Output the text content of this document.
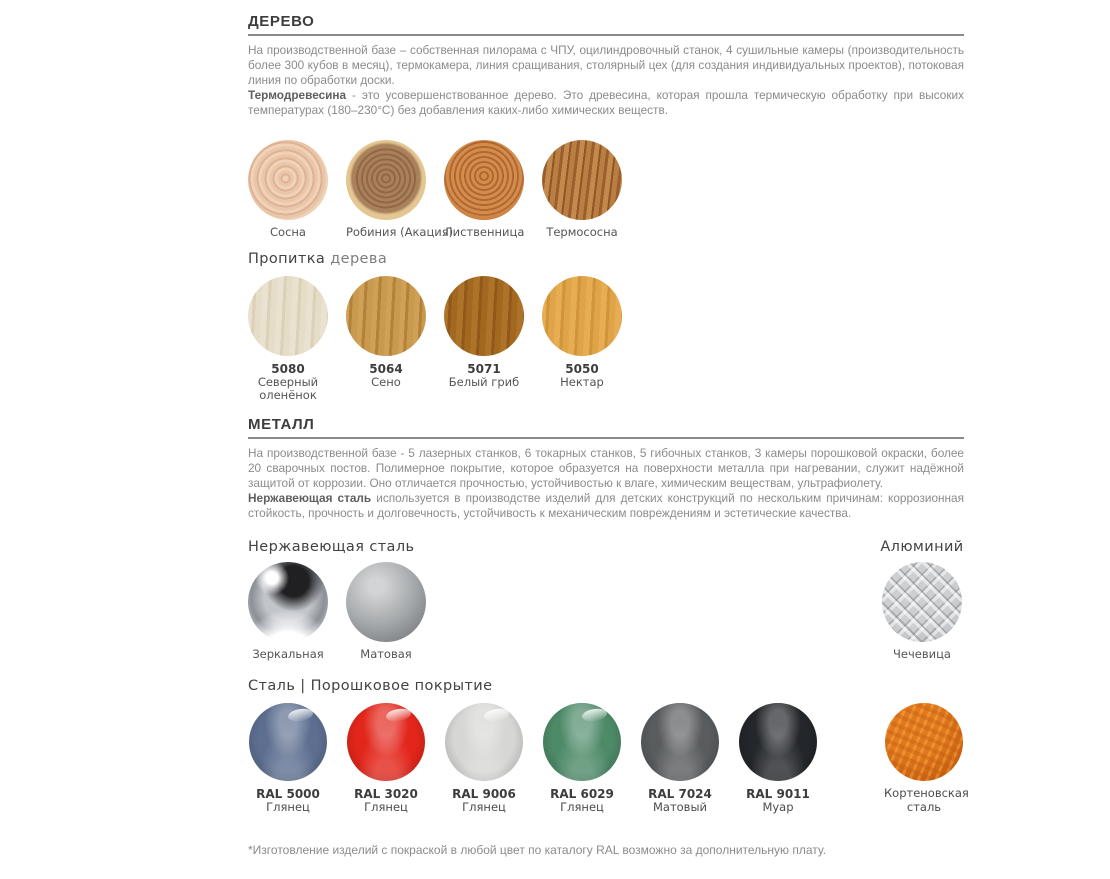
ДЕРЕВО

На производственной базе – собственная пилорама с ЧПУ, оцилиндровочный станок, 4 сушильные камеры (производительность более 300 кубов в месяц), термокамера, линия сращивания, столярный цех (для создания индивидуальных проектов), потоковая линия по обработки доски.

Термодревесина - это усовершенствованное дерево. Это древесина, которая прошла термическую обработку при высоких температурах (180–230°C) без добавления каких-либо химических веществ.

Сосна	Робиния (Акация)
Лиственница	Термососна
Пропитка дерева
5080
Северный оленёнок
5064
Сено
5071
Белый гриб
5050
Нектар
МЕТАЛЛ

На производственной базе - 5 лазерных станков, 6 токарных станков, 5 гибочных станков, 3 камеры порошковой окраски, более 20 сварочных постов. Полимерное покрытие, которое образуется на поверхности металла при нагревании, служит надёжной защитой от коррозии. Оно отличается прочностью, устойчивостью к влаге, химическим веществам, ультрафиолету.

Нержавеющая сталь используется в производстве изделий для детских конструкций по нескольким причинам: коррозионная стойкость, прочность и долговечность, устойчивость к механическим повреждениям и эстетические качества.

Нержавеющая сталь
Зеркальная	Матовая
Алюминий
Чечевица
Сталь | Порошковое покрытие
RAL 5000
Глянец
RAL 3020
Глянец
RAL 9006
Глянец
RAL 6029
Глянец
RAL 7024
Матовый
RAL 9011
Муар
Кортеновская сталь
*Изготовление изделий с покраской в любой цвет по каталогу RAL возможно за дополнительную плату.
